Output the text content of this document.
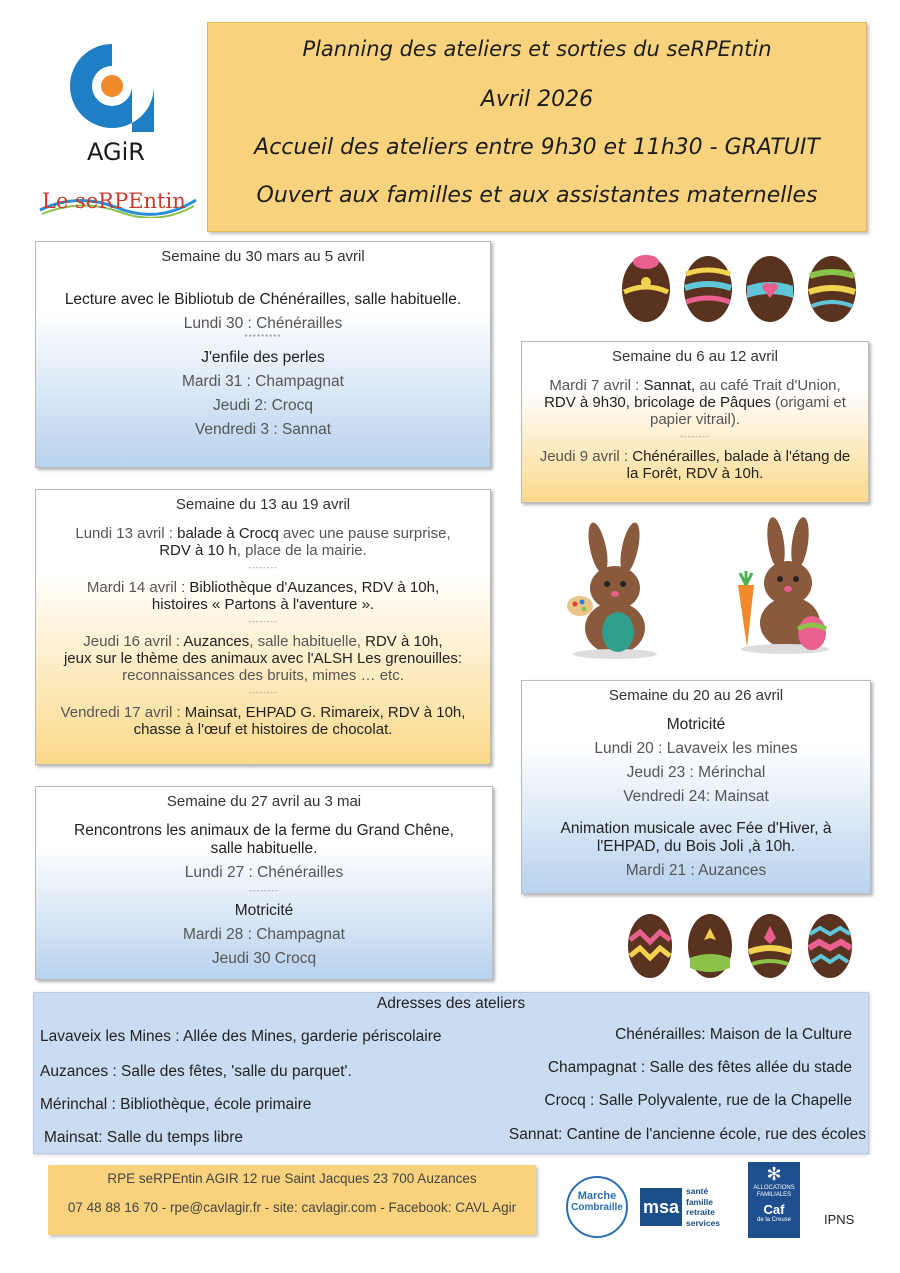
AGiR
Le seRPEntin
Planning des ateliers et sorties du seRPEntin
Avril 2026
Accueil des ateliers entre 9h30 et 11h30 - GRATUIT
Ouvert aux familles et aux assistantes maternelles
Semaine du 30 mars au 5 avril
Lecture avec le Bibliotub de Chénérailles, salle habituelle.
Lundi 30 : Chénérailles
*********
J'enfile des perles
Mardi 31 : Champagnat
Jeudi 2: Crocq
Vendredi 3 : Sannat
Semaine du 6 au 12 avril
Mardi 7 avril : Sannat, au café Trait d'Union,
RDV à 9h30, bricolage de Pâques (origami et
papier vitrail).
--------
Jeudi 9 avril : Chénérailles, balade à l'étang de
la Forêt, RDV à 10h.
Semaine du 13 au 19 avril
Lundi 13 avril : balade à Crocq avec une pause surprise,
RDV à 10 h, place de la mairie.
--------
Mardi 14 avril : Bibliothèque d'Auzances, RDV à 10h,
histoires « Partons à l'aventure ».
--------
Jeudi 16 avril : Auzances, salle habituelle, RDV à 10h,
jeux sur le thème des animaux avec l'ALSH Les grenouilles:
reconnaissances des bruits, mimes … etc.
--------
Vendredi 17 avril : Mainsat, EHPAD G. Rimareix, RDV à 10h,
chasse à l'œuf et histoires de chocolat.
Semaine du 20 au 26 avril
Motricité
Lundi 20 : Lavaveix les mines
Jeudi 23 : Mérinchal
Vendredi 24: Mainsat
Animation musicale avec Fée d'Hiver, à
l'EHPAD, du Bois Joli ,à 10h.
Mardi 21 : Auzances
Semaine du 27 avril au 3 mai
Rencontrons les animaux de la ferme du Grand Chêne,
salle habituelle.
Lundi 27 : Chénérailles
--------
Motricité
Mardi 28 : Champagnat
Jeudi 30 Crocq
Adresses des ateliers
Lavaveix les Mines : Allée des Mines, garderie périscolaire
Auzances : Salle des fêtes, 'salle du parquet'.
Mérinchal : Bibliothèque, école primaire
Mainsat: Salle du temps libre
Chénérailles: Maison de la Culture
Champagnat : Salle des fêtes allée du stade
Crocq : Salle Polyvalente, rue de la Chapelle
Sannat: Cantine de l'ancienne école, rue des écoles
RPE seRPEntin AGIR 12 rue Saint Jacques 23 700 Auzances
07 48 88 16 70 - rpe@cavlagir.fr - site: cavlagir.com - Facebook: CAVL Agir
Marche
Combraille msa
santé
famille
retraite
services
✻
ALLOCATIONS
FAMILIALES
Caf
de la Creuse	IPNS
